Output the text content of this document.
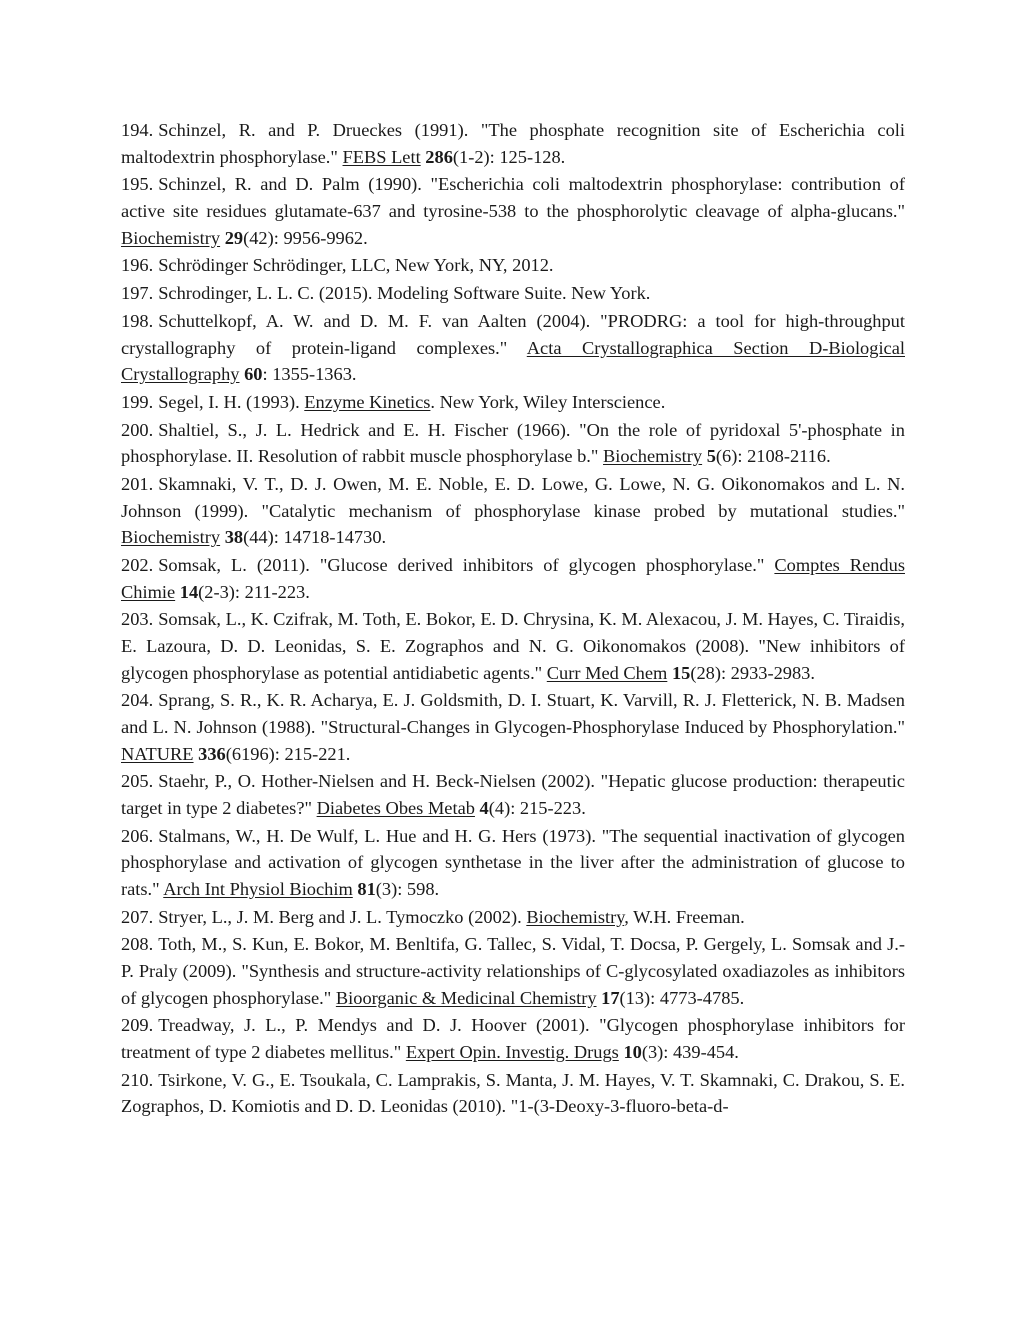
194. Schinzel, R. and P. Drueckes (1991). "The phosphate recognition site of Escherichia coli maltodextrin phosphorylase." FEBS Lett 286(1-2): 125-128.

195. Schinzel, R. and D. Palm (1990). "Escherichia coli maltodextrin phosphorylase: contribution of active site residues glutamate-637 and tyrosine-538 to the phosphorolytic cleavage of alpha-glucans." Biochemistry 29(42): 9956-9962.

196. Schrödinger Schrödinger, LLC, New York, NY, 2012.

197. Schrodinger, L. L. C. (2015). Modeling Software Suite. New York.

198. Schuttelkopf, A. W. and D. M. F. van Aalten (2004). "PRODRG: a tool for high-throughput crystallography of protein-ligand complexes." Acta Crystallographica Section D-Biological Crystallography 60: 1355-1363.

199. Segel, I. H. (1993). Enzyme Kinetics. New York, Wiley Interscience.

200. Shaltiel, S., J. L. Hedrick and E. H. Fischer (1966). "On the role of pyridoxal 5'-phosphate in phosphorylase. II. Resolution of rabbit muscle phosphorylase b." Biochemistry 5(6): 2108-2116.

201. Skamnaki, V. T., D. J. Owen, M. E. Noble, E. D. Lowe, G. Lowe, N. G. Oikonomakos and L. N. Johnson (1999). "Catalytic mechanism of phosphorylase kinase probed by mutational studies." Biochemistry 38(44): 14718-14730.

202. Somsak, L. (2011). "Glucose derived inhibitors of glycogen phosphorylase." Comptes Rendus Chimie 14(2-3): 211-223.

203. Somsak, L., K. Czifrak, M. Toth, E. Bokor, E. D. Chrysina, K. M. Alexacou, J. M. Hayes, C. Tiraidis, E. Lazoura, D. D. Leonidas, S. E. Zographos and N. G. Oikonomakos (2008). "New inhibitors of glycogen phosphorylase as potential antidiabetic agents." Curr Med Chem 15(28): 2933-2983.

204. Sprang, S. R., K. R. Acharya, E. J. Goldsmith, D. I. Stuart, K. Varvill, R. J. Fletterick, N. B. Madsen and L. N. Johnson (1988). "Structural-Changes in Glycogen-Phosphorylase Induced by Phosphorylation." NATURE 336(6196): 215-221.

205. Staehr, P., O. Hother-Nielsen and H. Beck-Nielsen (2002). "Hepatic glucose production: therapeutic target in type 2 diabetes?" Diabetes Obes Metab 4(4): 215-223.

206. Stalmans, W., H. De Wulf, L. Hue and H. G. Hers (1973). "The sequential inactivation of glycogen phosphorylase and activation of glycogen synthetase in the liver after the administration of glucose to rats." Arch Int Physiol Biochim 81(3): 598.

207. Stryer, L., J. M. Berg and J. L. Tymoczko (2002). Biochemistry, W.H. Freeman.

208. Toth, M., S. Kun, E. Bokor, M. Benltifa, G. Tallec, S. Vidal, T. Docsa, P. Gergely, L. Somsak and J.-P. Praly (2009). "Synthesis and structure-activity relationships of C-glycosylated oxadiazoles as inhibitors of glycogen phosphorylase." Bioorganic & Medicinal Chemistry 17(13): 4773-4785.

209. Treadway, J. L., P. Mendys and D. J. Hoover (2001). "Glycogen phosphorylase inhibitors for treatment of type 2 diabetes mellitus." Expert Opin. Investig. Drugs 10(3): 439-454.

210. Tsirkone, V. G., E. Tsoukala, C. Lamprakis, S. Manta, J. M. Hayes, V. T. Skamnaki, C. Drakou, S. E. Zographos, D. Komiotis and D. D. Leonidas (2010). "1-(3-Deoxy-3-fluoro-beta-d-
